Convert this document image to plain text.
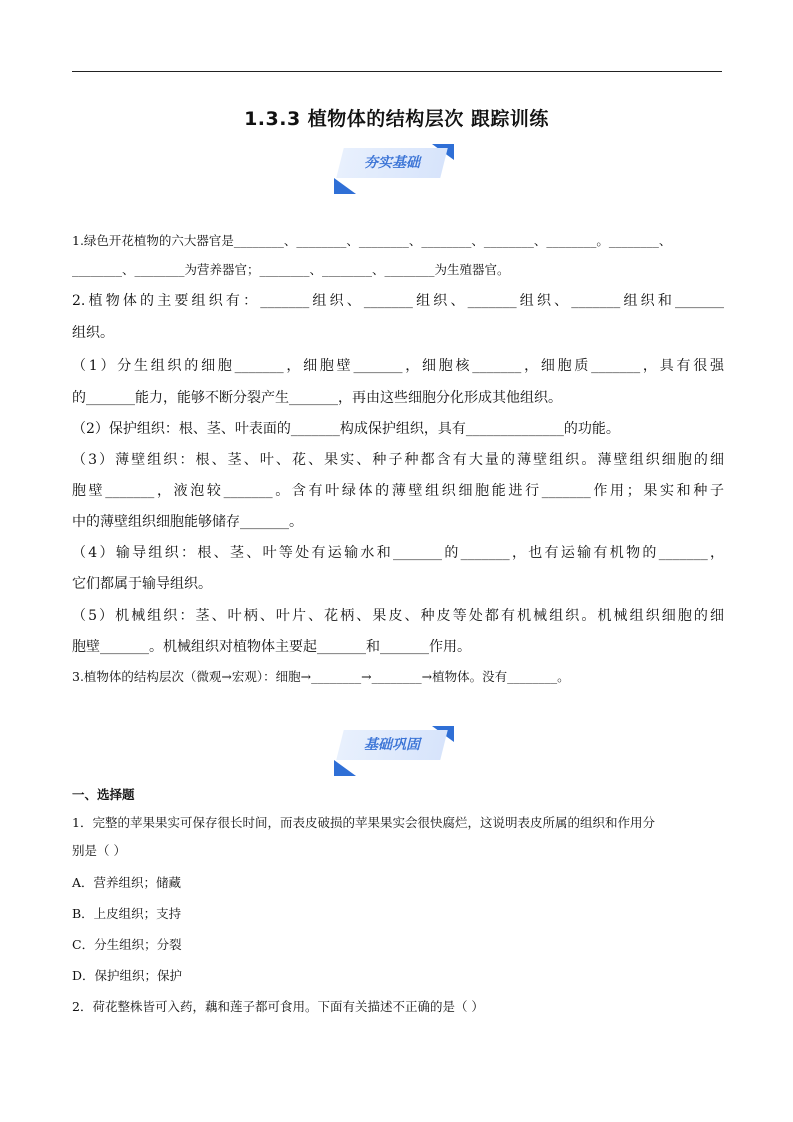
1.3.3 植物体的结构层次 跟踪训练
夯实基础

1.绿色开花植物的六大器官是________、________、________、________、________、________。________、

________、________为营养器官；________、________、________为生殖器官。

2.植物体的主要组织有：_______组织、_______组织、_______组织、_______组织和_______

组织。

（1）分生组织的细胞_______，细胞壁_______，细胞核_______，细胞质_______，具有很强

的_______能力，能够不断分裂产生_______，再由这些细胞分化形成其他组织。

（2）保护组织：根、茎、叶表面的_______构成保护组织，具有______________的功能。

（3）薄壁组织：根、茎、叶、花、果实、种子种都含有大量的薄壁组织。薄壁组织细胞的细

胞壁_______，液泡较_______。含有叶绿体的薄壁组织细胞能进行_______作用；果实和种子

中的薄壁组织细胞能够储存_______。

（4）输导组织：根、茎、叶等处有运输水和_______的_______，也有运输有机物的_______，

它们都属于输导组织。

（5）机械组织：茎、叶柄、叶片、花柄、果皮、种皮等处都有机械组织。机械组织细胞的细

胞壁_______。机械组织对植物体主要起_______和_______作用。

3.植物体的结构层次（微观→宏观）：细胞→________→________→植物体。没有________。

基础巩固

一、选择题

1．完整的苹果果实可保存很长时间，而表皮破损的苹果果实会很快腐烂，这说明表皮所属的组织和作用分

别是（ ）

A．营养组织；储藏

B．上皮组织；支持

C．分生组织；分裂

D．保护组织；保护

2．荷花整株皆可入药，藕和莲子都可食用。下面有关描述不正确的是（ ）
